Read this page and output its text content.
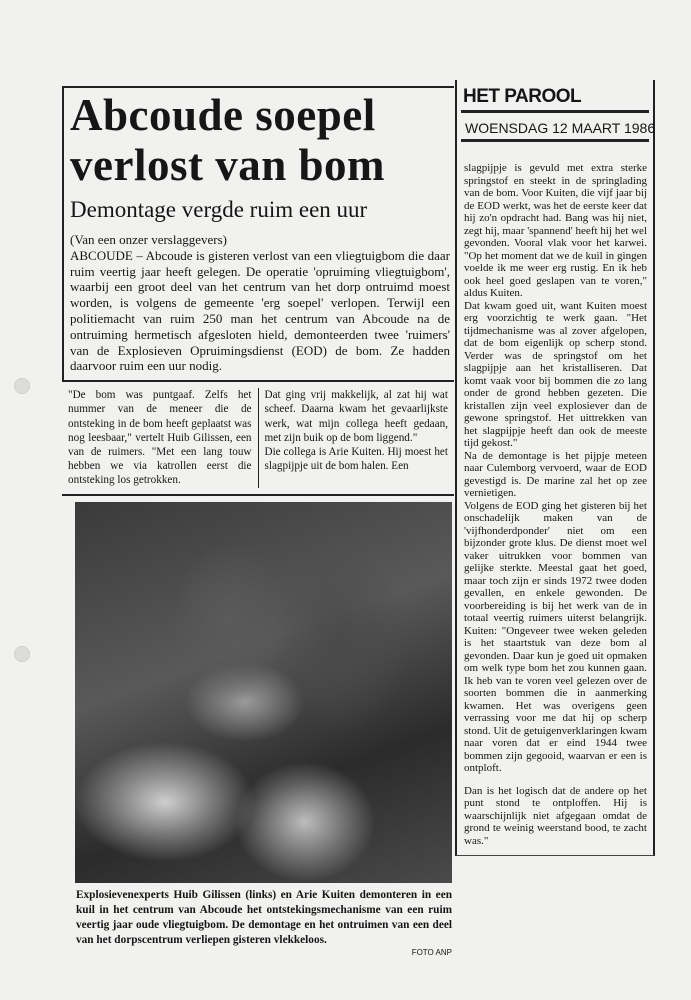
Abcoude soepel
verlost van bom
Demontage vergde ruim een uur

(Van een onzer verslaggevers)

ABCOUDE – Abcoude is gisteren verlost van een vliegtuigbom die daar ruim veertig jaar heeft gelegen. De operatie 'opruiming vliegtuigbom', waarbij een groot deel van het centrum van het dorp ontruimd moest worden, is volgens de gemeente 'erg soepel' verlopen. Terwijl een politiemacht van ruim 250 man het centrum van Abcoude na de ontruiming hermetisch afgesloten hield, demonteerden twee 'ruimers' van de Explosieven Opruimingsdienst (EOD) de bom. Ze hadden daarvoor ruim een uur nodig.

"De bom was puntgaaf. Zelfs het nummer van de meneer die de ontsteking in de bom heeft geplaatst was nog leesbaar," vertelt Huib Gilissen, een van de ruimers. "Met een lang touw hebben we via katrollen eerst die ontsteking los getrokken.

Dat ging vrij makkelijk, al zat hij wat scheef. Daarna kwam het gevaarlijkste werk, wat mijn collega heeft gedaan, met zijn buik op de bom liggend."

Die collega is Arie Kuiten. Hij moest het slagpijpje uit de bom halen. Een

Explosievenexperts Huib Gilissen (links) en Arie Kuiten demonteren in een kuil in het centrum van Abcoude het ontstekingsmechanisme van een ruim veertig jaar oude vliegtuigbom. De demontage en het ontruimen van een deel van het dorpscentrum verliepen gisteren vlekkeloos.
FOTO ANP
HET PAROOL
WOENSDAG 12 MAART 1986

slagpijpje is gevuld met extra sterke springstof en steekt in de springlading van de bom. Voor Kuiten, die vijf jaar bij de EOD werkt, was het de eerste keer dat hij zo'n opdracht had. Bang was hij niet, zegt hij, maar 'spannend' heeft hij het wel gevonden. Vooral vlak voor het karwei. "Op het moment dat we de kuil in gingen voelde ik me weer erg rustig. En ik heb ook heel goed geslapen van te voren," aldus Kuiten.

Dat kwam goed uit, want Kuiten moest erg voorzichtig te werk gaan. "Het tijdmechanisme was al zover afgelopen, dat de bom eigenlijk op scherp stond. Verder was de springstof om het slagpijpje aan het kristalliseren. Dat komt vaak voor bij bommen die zo lang onder de grond hebben gezeten. Die kristallen zijn veel explosiever dan de gewone springstof. Het uittrekken van het slagpijpje heeft dan ook de meeste tijd gekost."

Na de demontage is het pijpje meteen naar Culemborg vervoerd, waar de EOD gevestigd is. De marine zal het op zee vernietigen.

Volgens de EOD ging het gisteren bij het onschadelijk maken van de 'vijfhonderdponder' niet om een bijzonder grote klus. De dienst moet wel vaker uitrukken voor bommen van gelijke sterkte. Meestal gaat het goed, maar toch zijn er sinds 1972 twee doden gevallen, en enkele gewonden. De voorbereiding is bij het werk van de in totaal veertig ruimers uiterst belangrijk. Kuiten: "Ongeveer twee weken geleden is het staartstuk van deze bom al gevonden. Daar kun je goed uit opmaken om welk type bom het zou kunnen gaan. Ik heb van te voren veel gelezen over de soorten bommen die in aanmerking kwamen. Het was overigens geen verrassing voor me dat hij op scherp stond. Uit de getuigenverklaringen kwam naar voren dat er eind 1944 twee bommen zijn gegooid, waarvan er een is ontploft.

Dan is het logisch dat de andere op het punt stond te ontploffen. Hij is waarschijnlijk niet afgegaan omdat de grond te weinig weerstand bood, te zacht was."
